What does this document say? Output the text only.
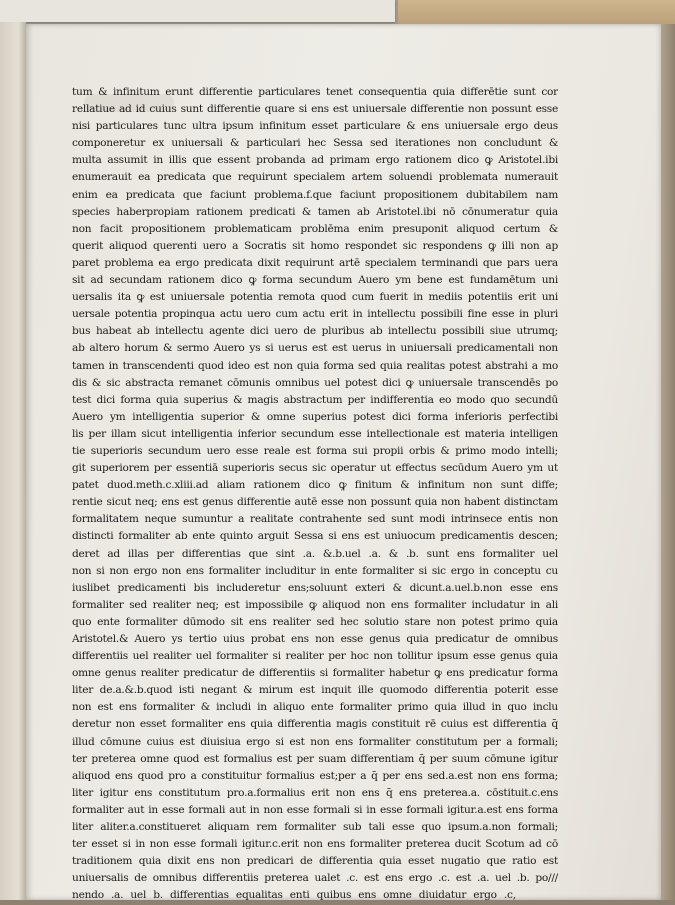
tum & infinitum erunt differentie particulares tenet consequentia quia differētie sunt cor
rellatiue ad id cuius sunt differentie quare si ens est uniuersale differentie non possunt esse
nisi particulares tunc ultra ipsum infinitum esset particulare & ens uniuersale ergo deus
componeretur ex uniuersali & particulari hec Sessa sed iterationes non concludunt &
multa assumit in illis que essent probanda ad primam ergo rationem dico ꝙ Aristotel.ibi
enumerauit ea predicata que requirunt specialem artem soluendi problemata numerauit
enim ea predicata que faciunt problema.f.que faciunt propositionem dubitabilem nam
species haberpropiam rationem predicati & tamen ab Aristotel.ibi nō cōnumeratur quia
non facit propositionem problematicam problēma enim presuponit aliquod certum &
querit aliquod querenti uero a Socratis sit homo respondet sic respondens ꝙ illi non ap
paret problema ea ergo predicata dixit requirunt artē specialem terminandi que pars uera
sit ad secundam rationem dico ꝙ forma secundum Auero ym bene est fundamētum uni
uersalis ita ꝙ est uniuersale potentia remota quod cum fuerit in mediis potentiis erit uni
uersale potentia propinqua actu uero cum actu erit in intellectu possibili fine esse in pluri
bus habeat ab intellectu agente dici uero de pluribus ab intellectu possibili siue utrumq;
ab altero horum & sermo Auero ys si uerus est est uerus in uniuersali predicamentali non
tamen in transcendenti quod ideo est non quia forma sed quia realitas potest abstrahi a mo
dis & sic abstracta remanet cōmunis omnibus uel potest dici ꝙ uniuersale transcendēs po
test dici forma quia superius & magis abstractum per indifferentia eo modo quo secundū
Auero ym intelligentia superior & omne superius potest dici forma inferioris perfectibi
lis per illam sicut intelligentia inferior secundum esse intellectionale est materia intelligen
tie superioris secundum uero esse reale est forma sui propii orbis & primo modo intelli;
git superiorem per essentiā superioris secus sic operatur ut effectus secūdum Auero ym ut
patet duod.meth.c.xliii.ad aliam rationem dico ꝙ finitum & infinitum non sunt diffe;
rentie sicut neq; ens est genus differentie autē esse non possunt quia non habent distinctam
formalitatem neque sumuntur a realitate contrahente sed sunt modi intrinsece entis non
distincti formaliter ab ente quinto arguit Sessa si ens est uniuocum predicamentis descen;
deret ad illas per differentias que sint .a. &.b.uel .a. & .b. sunt ens formaliter uel
non si non ergo non ens formaliter includitur in ente formaliter si sic ergo in conceptu cu
iuslibet predicamenti bis includeretur ens;soluunt exteri & dicunt.a.uel.b.non esse ens
formaliter sed realiter neq; est impossibile ꝙ aliquod non ens formaliter includatur in ali
quo ente formaliter dūmodo sit ens realiter sed hec solutio stare non potest primo quia
Aristotel.& Auero ys tertio uius probat ens non esse genus quia predicatur de omnibus
differentiis uel realiter uel formaliter si realiter per hoc non tollitur ipsum esse genus quia
omne genus realiter predicatur de differentiis si formaliter habetur ꝙ ens predicatur forma
liter de.a.&.b.quod isti negant & mirum est inquit ille quomodo differentia poterit esse
non est ens formaliter & includi in aliquo ente formaliter primo quia illud in quo inclu
deretur non esset formaliter ens quia differentia magis constituit rē cuius est differentia q̄
illud cōmune cuius est diuisiua ergo si est non ens formaliter constitutum per a formali;
ter preterea omne quod est formalius est per suam differentiam q̄ per suum cōmune igitur
aliquod ens quod pro a constituitur formalius est;per a q̄ per ens sed.a.est non ens forma;
liter igitur ens constitutum pro.a.formalius erit non ens q̄ ens preterea.a. cōstituit.c.ens
formaliter aut in esse formali aut in non esse formali si in esse formali igitur.a.est ens forma
liter aliter.a.constitueret aliquam rem formaliter sub tali esse quo ipsum.a.non formali;
ter esset si in non esse formali igitur.c.erit non ens formaliter preterea ducit Scotum ad cō
traditionem quia dixit ens non predicari de differentia quia esset nugatio que ratio est
uniuersalis de omnibus differentiis preterea ualet .c. est ens ergo .c. est .a. uel .b. po///
nendo .a. uel b. differentias equalitas enti quibus ens omne diuidatur ergo .c,
